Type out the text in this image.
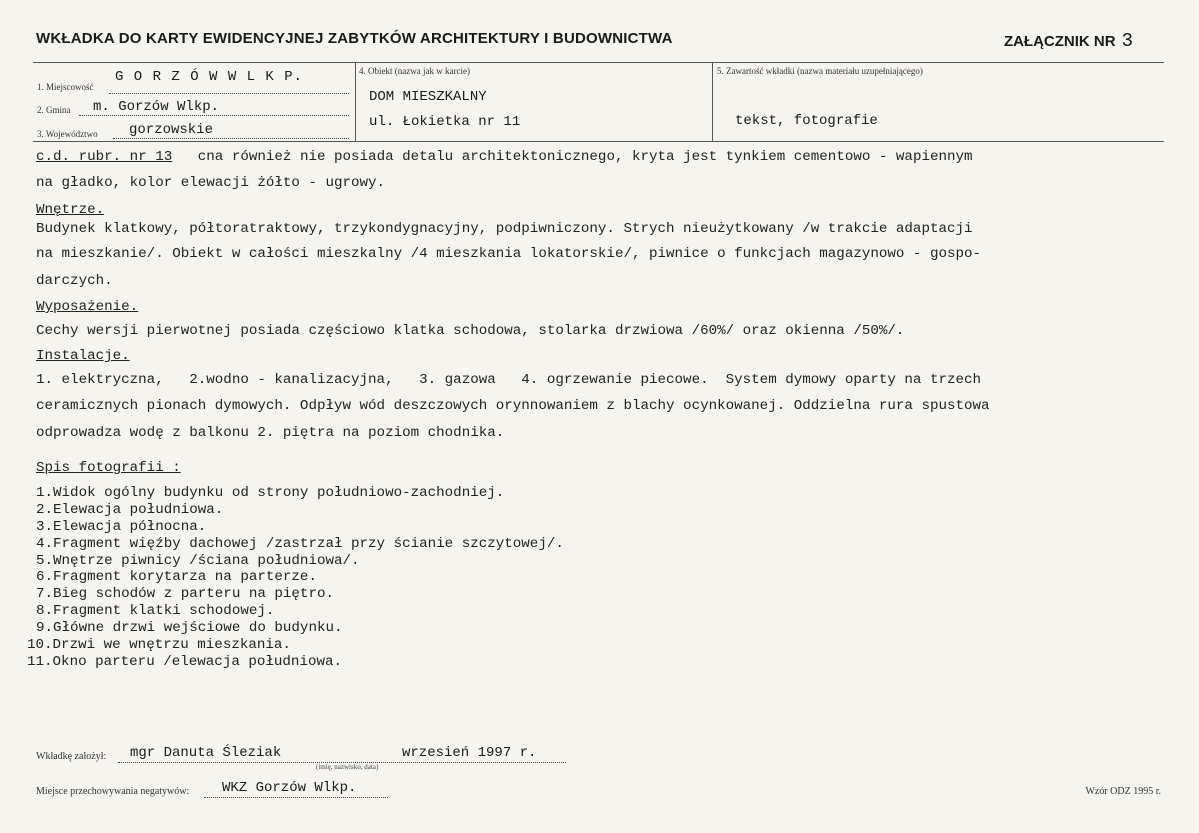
WKŁADKA DO KARTY EWIDENCYJNEJ ZABYTKÓW ARCHITEKTURY I BUDOWNICTWA	ZAŁĄCZNIK NR 3
1. Miejscowość
G O R Z Ó W W L K P.
2. Gmina m. Gorzów Wlkp.
3. Województwo gorzowskie
4. Obiekt (nazwa jak w karcie)
DOM MIESZKALNY
ul. Łokietka nr 11
5. Zawartość wkładki (nazwa materiału uzupełniającego)
tekst, fotografie
c.d. rubr. nr 13   cna również nie posiada detalu architektonicznego, kryta jest tynkiem cementowo - wapiennym
na gładko, kolor elewacji żółto - ugrowy.
Wnętrze.
Budynek klatkowy, półtoratraktowy, trzykondygnacyjny, podpiwniczony. Strych nieużytkowany /w trakcie adaptacji
na mieszkanie/. Obiekt w całości mieszkalny /4 mieszkania lokatorskie/, piwnice o funkcjach magazynowo - gospo-
darczych.
Wyposażenie.
Cechy wersji pierwotnej posiada częściowo klatka schodowa, stolarka drzwiowa /60%/ oraz okienna /50%/.
Instalacje.
1. elektryczna,   2.wodno - kanalizacyjna,   3. gazowa   4. ogrzewanie piecowe.  System dymowy oparty na trzech
ceramicznych pionach dymowych. Odpływ wód deszczowych orynnowaniem z blachy ocynkowanej. Oddzielna rura spustowa
odprowadza wodę z balkonu 2. piętra na poziom chodnika.
Spis fotografii :
1.Widok ogólny budynku od strony południowo-zachodniej.
2.Elewacja południowa.
3.Elewacja północna.
4.Fragment więźby dachowej /zastrzał przy ścianie szczytowej/.
5.Wnętrze piwnicy /ściana południowa/.
6.Fragment korytarza na parterze.
7.Bieg schodów z parteru na piętro.
8.Fragment klatki schodowej.
9.Główne drzwi wejściowe do budynku.
10.Drzwi we wnętrzu mieszkania.
11.Okno parteru /elewacja południowa.
Wkładkę założył: mgr Danuta Śleziak
(imię, nazwisko, data)
wrzesień 1997 r.
Miejsce przechowywania negatywów: WKZ Gorzów Wlkp.	Wzór ODZ 1995 r.
